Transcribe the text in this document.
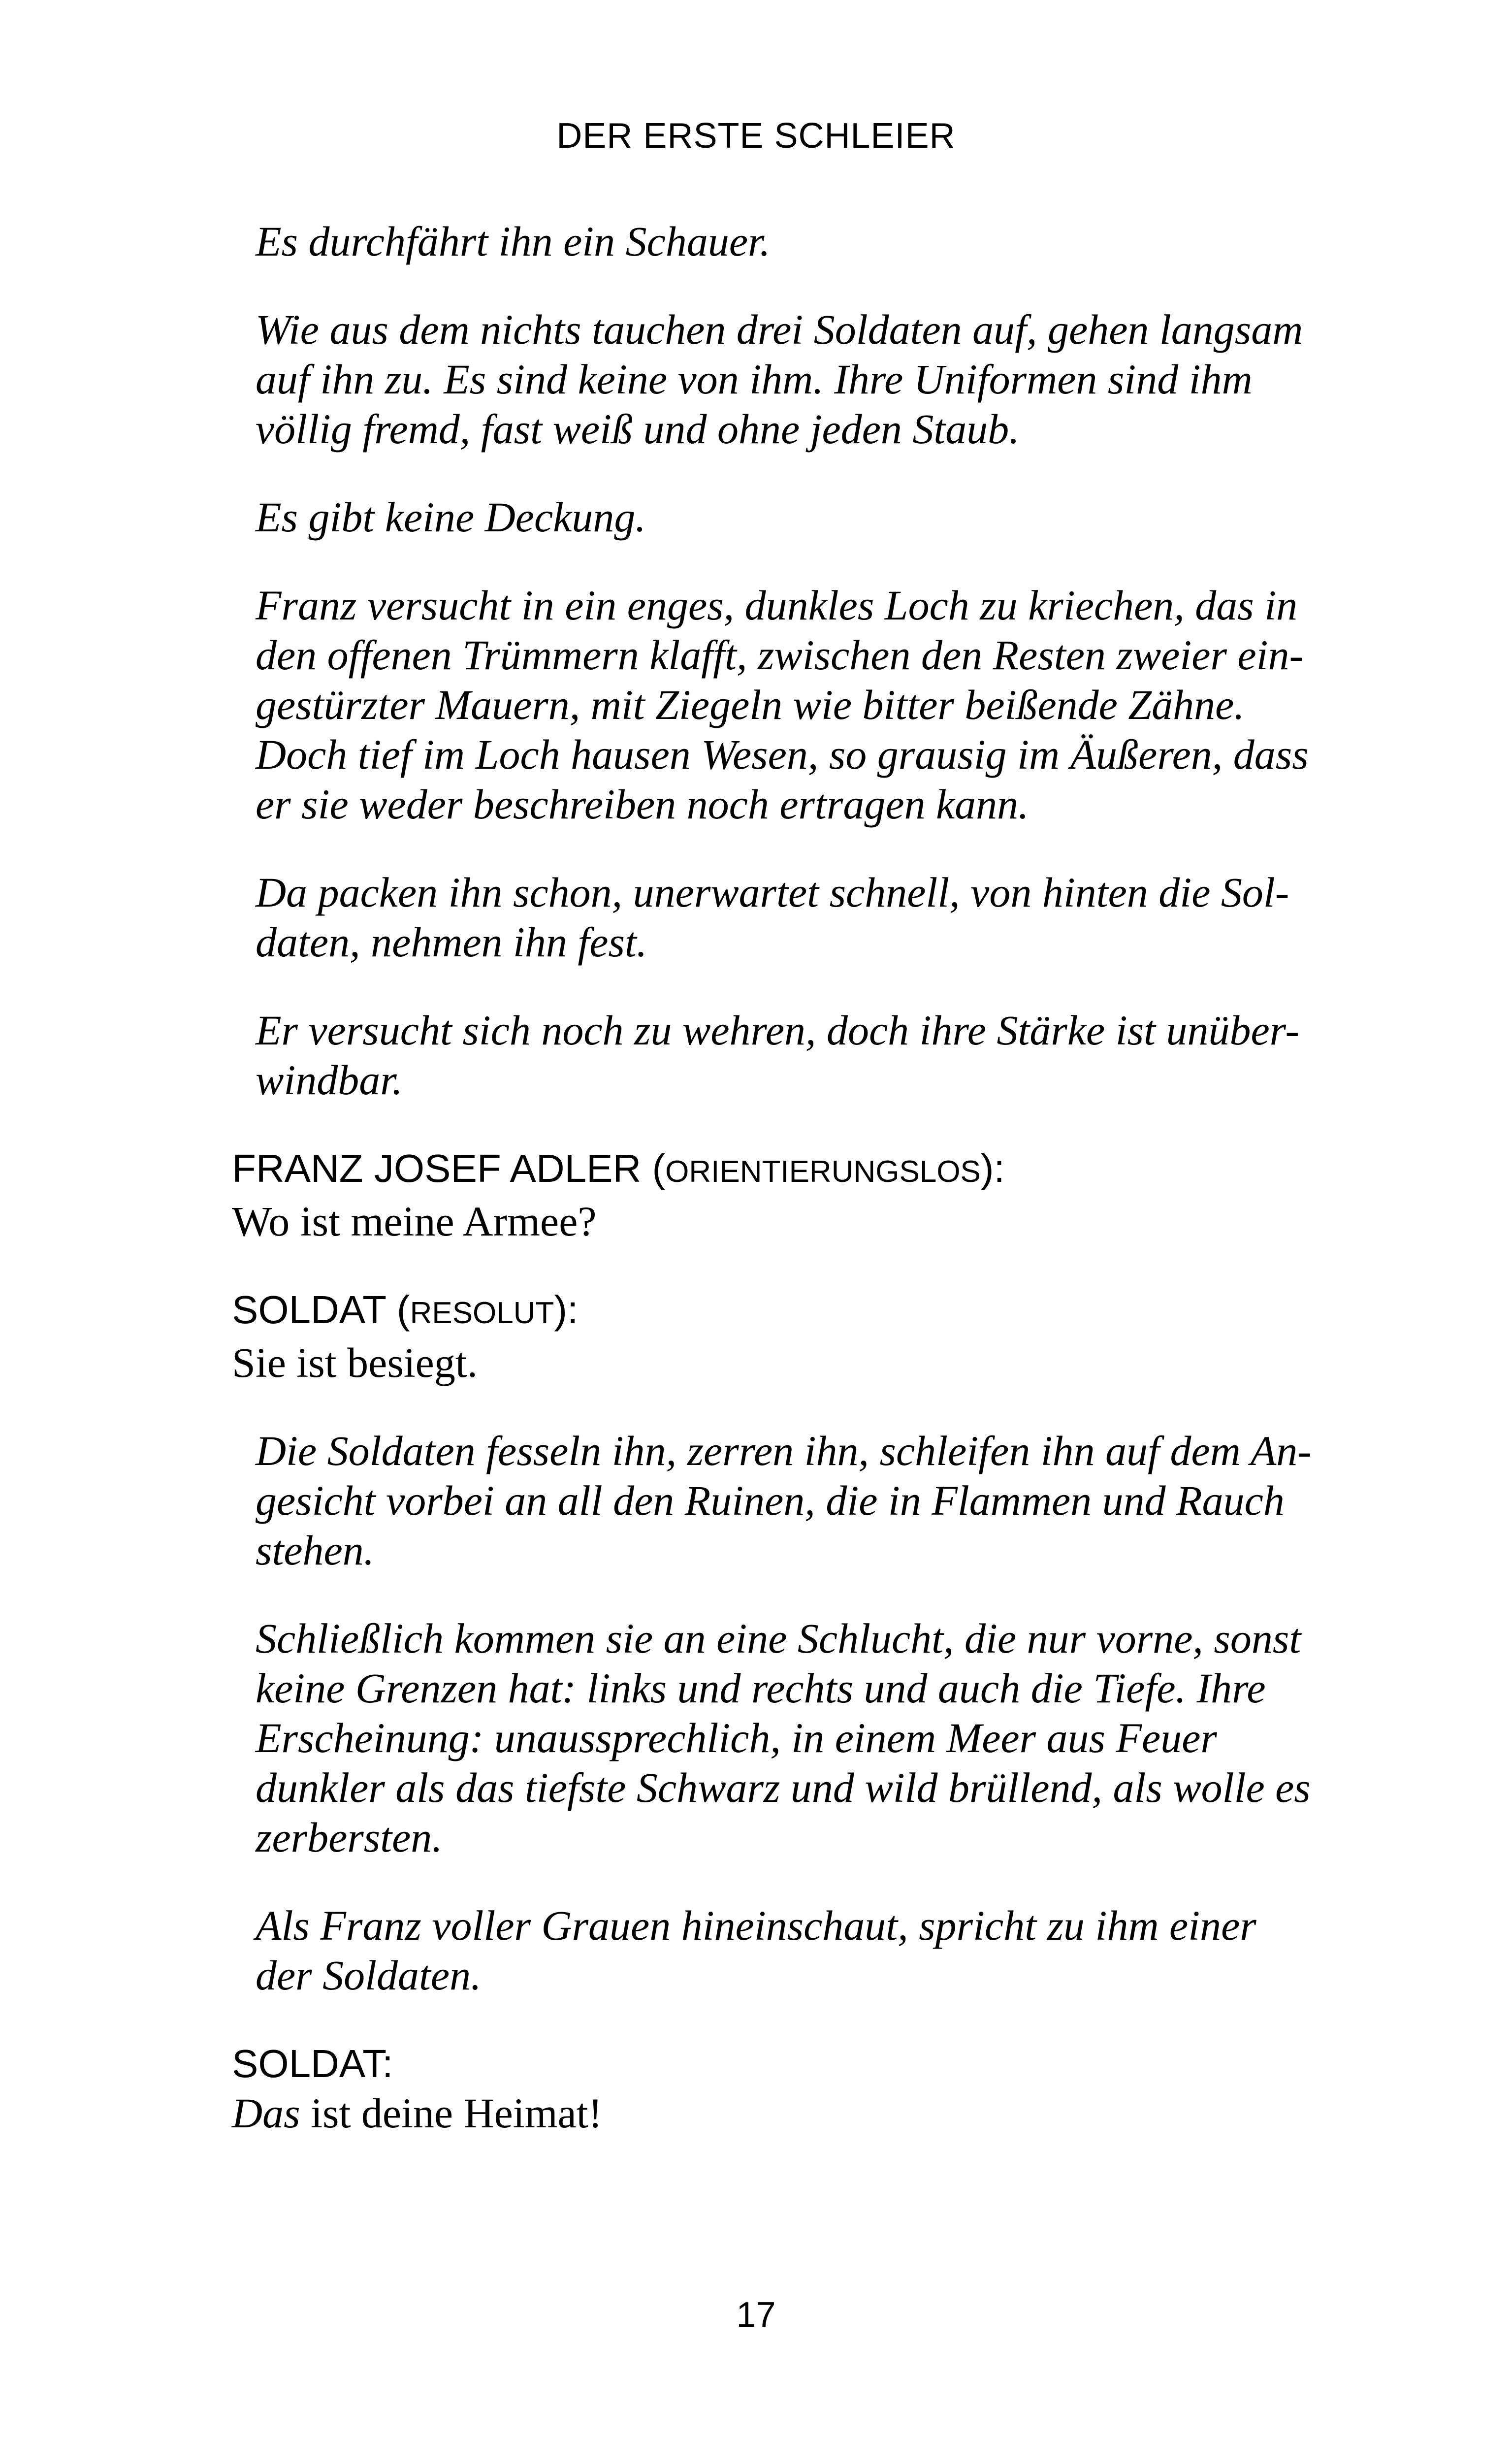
DER ERSTE SCHLEIER
Es durchfährt ihn ein Schauer.
Wie aus dem nichts tauchen drei Soldaten auf, gehen langsam
auf ihn zu. Es sind keine von ihm. Ihre Uniformen sind ihm
völlig fremd, fast weiß und ohne jeden Staub.
Es gibt keine Deckung.
Franz versucht in ein enges, dunkles Loch zu kriechen, das in
den offenen Trümmern klafft, zwischen den Resten zweier ein-
gestürzter Mauern, mit Ziegeln wie bitter beißende Zähne.
Doch tief im Loch hausen Wesen, so grausig im Äußeren, dass
er sie weder beschreiben noch ertragen kann.
Da packen ihn schon, unerwartet schnell, von hinten die Sol-
daten, nehmen ihn fest.
Er versucht sich noch zu wehren, doch ihre Stärke ist unüber-
windbar.
FRANZ JOSEF ADLER (ORIENTIERUNGSLOS):
Wo ist meine Armee?
SOLDAT (RESOLUT):
Sie ist besiegt.
Die Soldaten fesseln ihn, zerren ihn, schleifen ihn auf dem An-
gesicht vorbei an all den Ruinen, die in Flammen und Rauch
stehen.
Schließlich kommen sie an eine Schlucht, die nur vorne, sonst
keine Grenzen hat: links und rechts und auch die Tiefe. Ihre
Erscheinung: unaussprechlich, in einem Meer aus Feuer
dunkler als das tiefste Schwarz und wild brüllend, als wolle es
zerbersten.
Als Franz voller Grauen hineinschaut, spricht zu ihm einer
der Soldaten.
SOLDAT:
Das ist deine Heimat!
17
